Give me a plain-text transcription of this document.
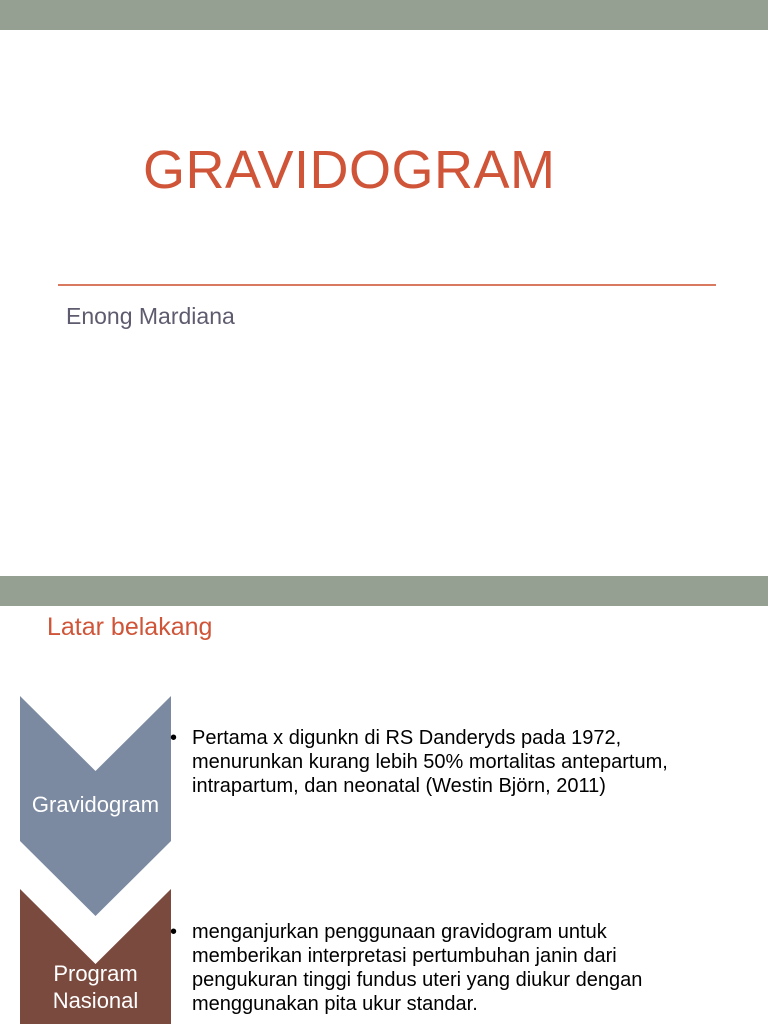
GRAVIDOGRAM
Enong Mardiana
Latar belakang
Gravidogram
Program Nasional
• Pertama x digunkn di RS Danderyds pada 1972,
menurunkan kurang lebih 50% mortalitas antepartum,
intrapartum, dan neonatal (Westin Björn, 2011)
• menganjurkan penggunaan gravidogram untuk
memberikan interpretasi pertumbuhan janin dari
pengukuran tinggi fundus uteri yang diukur dengan
menggunakan pita ukur standar.
